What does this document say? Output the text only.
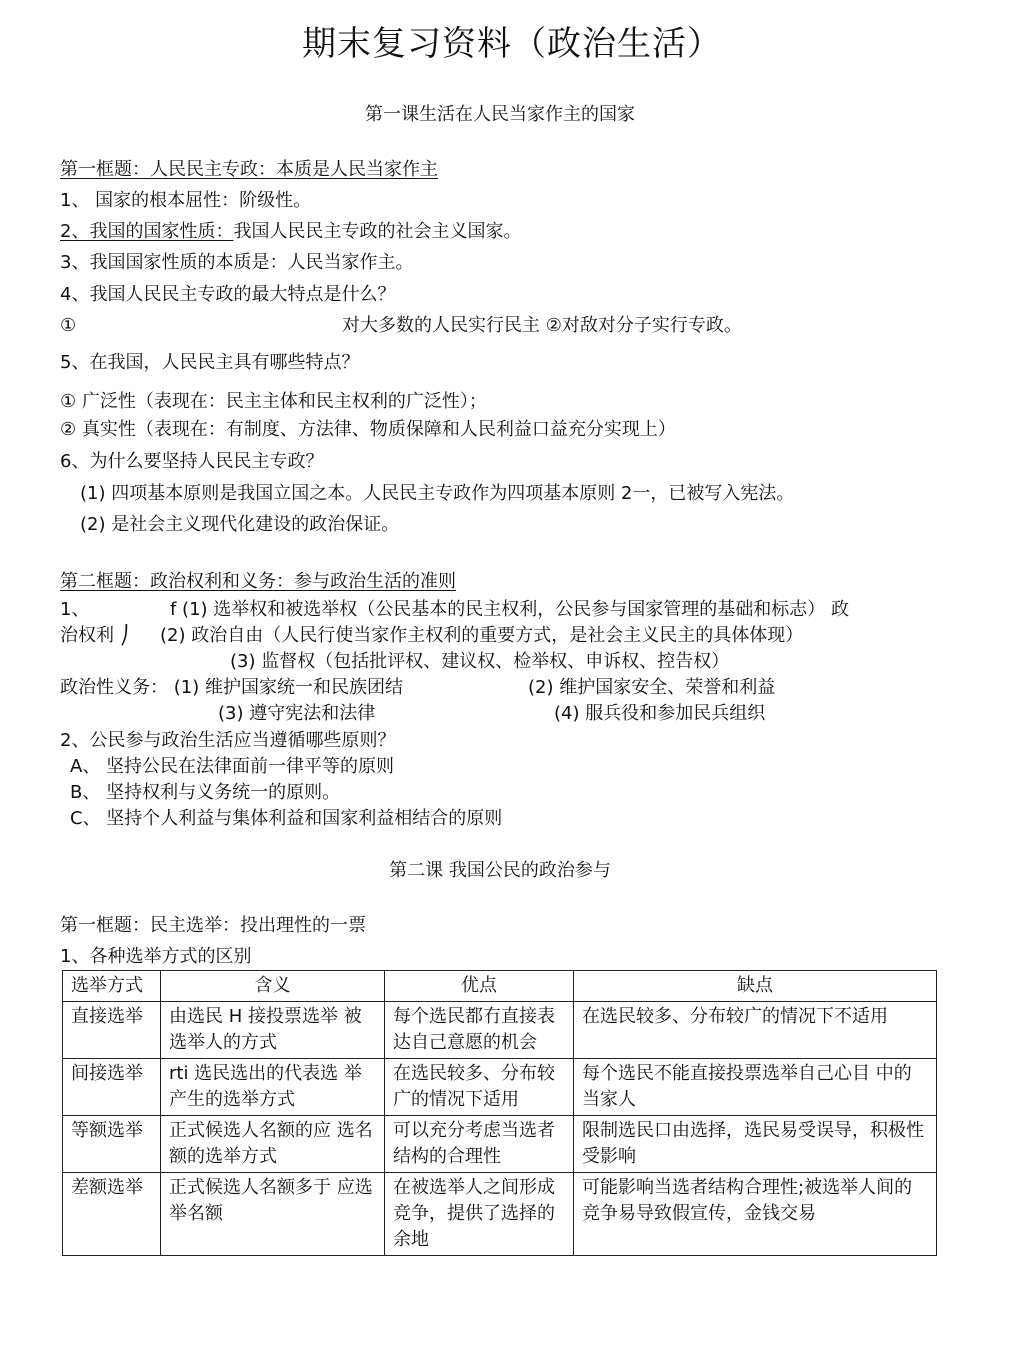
期末复习资料（政治生活）
第一课生活在人民当家作主的国家
第一框题：人民民主专政：本质是人民当家作主
1、 国家的根本屈性：阶级性。
2、我国的国家性质：我国人民民主专政的社会主义国家。
3、我国国家性质的本质是：人民当家作主。
4、我国人民民主专政的最大特点是什么？
①	对大多数的人民实行民主 ②对敌对分子实行专政。
5、在我国，人民民主具有哪些特点？
① 广泛性（表现在：民主主体和民主权利的广泛性）；
② 真实性（表现在：有制度、方法律、物质保障和人民利益口益充分实现上）
6、为什么要坚持人民民主专政？
(1) 四项基本原则是我国立国之本。人民民主专政作为四项基本原则 2一，已被写入宪法。
(2) 是社会主义现代化建设的政治保证。
第二框题：政治权利和义务：参与政治生活的准则
1、	f (1) 选举权和被选举权（公民基本的民主权利，公民参与国家管理的基础和标志） 政
治权利 ⎠ (2) 政治自由（人民行使当家作主权利的重要方式，是社会主义民主的具体体现）
(3) 监督权（包括批评权、建议权、检举权、申诉权、控告权）
政治性义务： (1) 维护国家统一和民族团结	(2) 维护国家安全、荣誉和利益
(3) 遵守宪法和法律	(4) 服兵役和参加民兵组织
2、公民参与政治生活应当遵循哪些原则？
A、 坚持公民在法律面前一律平等的原则
B、 坚持权利与义务统一的原则。
C、 坚持个人利益与集体利益和国家利益相结合的原则
第二课 我国公民的政治参与
第一框题：民主选举：投出理性的一票
1、各种选举方式的区别
选举方式	含义	优点	缺点
直接选举	由选民 H 接投票选举 被选举人的方式	每个选民都冇直接表达自己意愿的机会	在选民较多、分布较广的情况下不适用
间接选举	rti 选民选出的代表选 举产生的选举方式	在选民较多、分布较广的情况下适用	每个选民不能直接投票选举自己心目 中的当家人
等额选举	正式候选人名额的应 选名额的选举方式	可以充分考虑当选者结构的合理性	限制选民口由选择，选民易受误导，积极性受影响
差额选举	正式候选人名额多于 应选举名额	在被选举人之间形成竞争，提供了选择的余地	可能影响当选者结构合理性;被选举人间的竞争易导致假宣传，金钱交易
